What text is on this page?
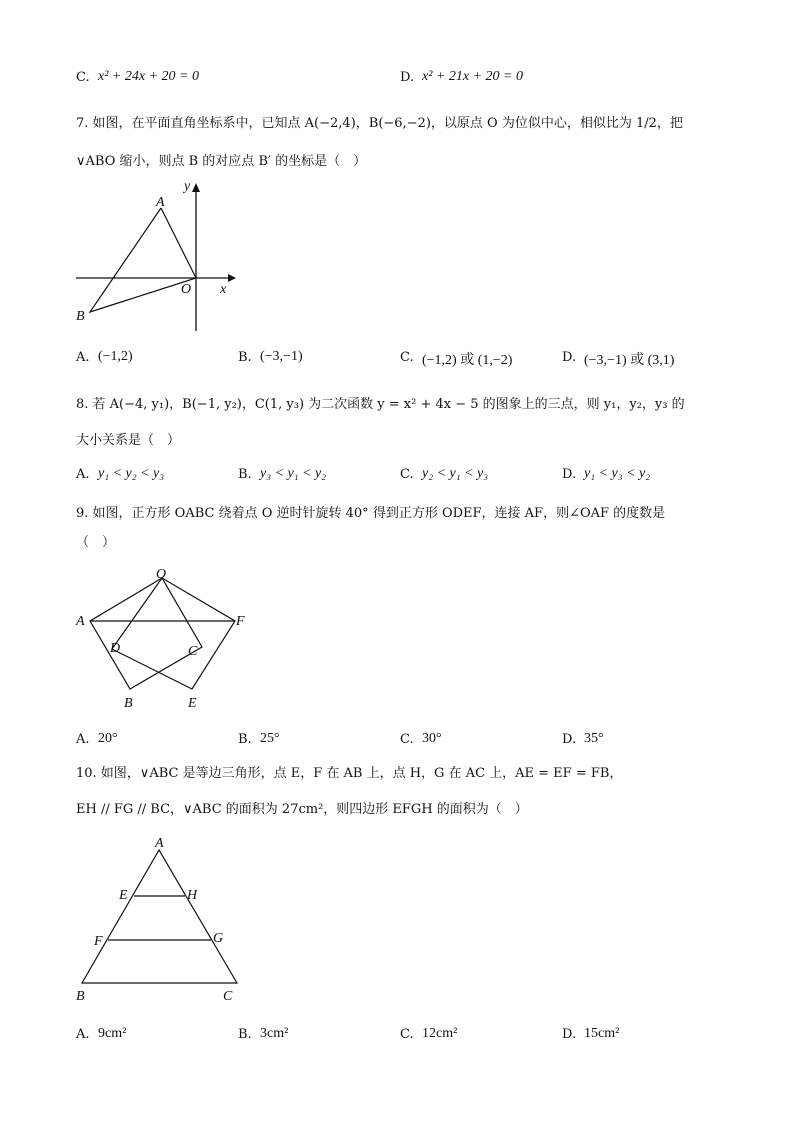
C. x² + 24x + 20 = 0	D. x² + 21x + 20 = 0
7. 如图，在平面直角坐标系中，已知点 A(−2,4)，B(−6,−2)，以原点 O 为位似中心，相似比为 1/2，把
∨ABO 缩小，则点 B 的对应点 B′ 的坐标是（　）
A
B
O x
y
A. (−1,2)	B. (−3,−1)	C. (−1,2) 或 (1,−2)	D. (−3,−1) 或 (3,1)
8. 若 A(−4, y₁)，B(−1, y₂)，C(1, y₃) 为二次函数 y = x² + 4x − 5 的图象上的三点，则 y₁，y₂，y₃ 的
大小关系是（　）
A. y₁ < y₂ < y₃	B. y₃ < y₁ < y₂	C. y₂ < y₁ < y₃	D. y₁ < y₃ < y₂
9. 如图，正方形 OABC 绕着点 O 逆时针旋转 40° 得到正方形 ODEF，连接 AF，则∠OAF 的度数是
（　）
O
A	F
D	C
B	E
A. 20°	B. 25°	C. 30°	D. 35°
10. 如图，∨ABC 是等边三角形，点 E，F 在 AB 上，点 H，G 在 AC 上，AE = EF = FB，
EH // FG // BC，∨ABC 的面积为 27cm²，则四边形 EFGH 的面积为（　）
A
E	H
F	G
B	C
A. 9cm²	B. 3cm²	C. 12cm²	D. 15cm²
